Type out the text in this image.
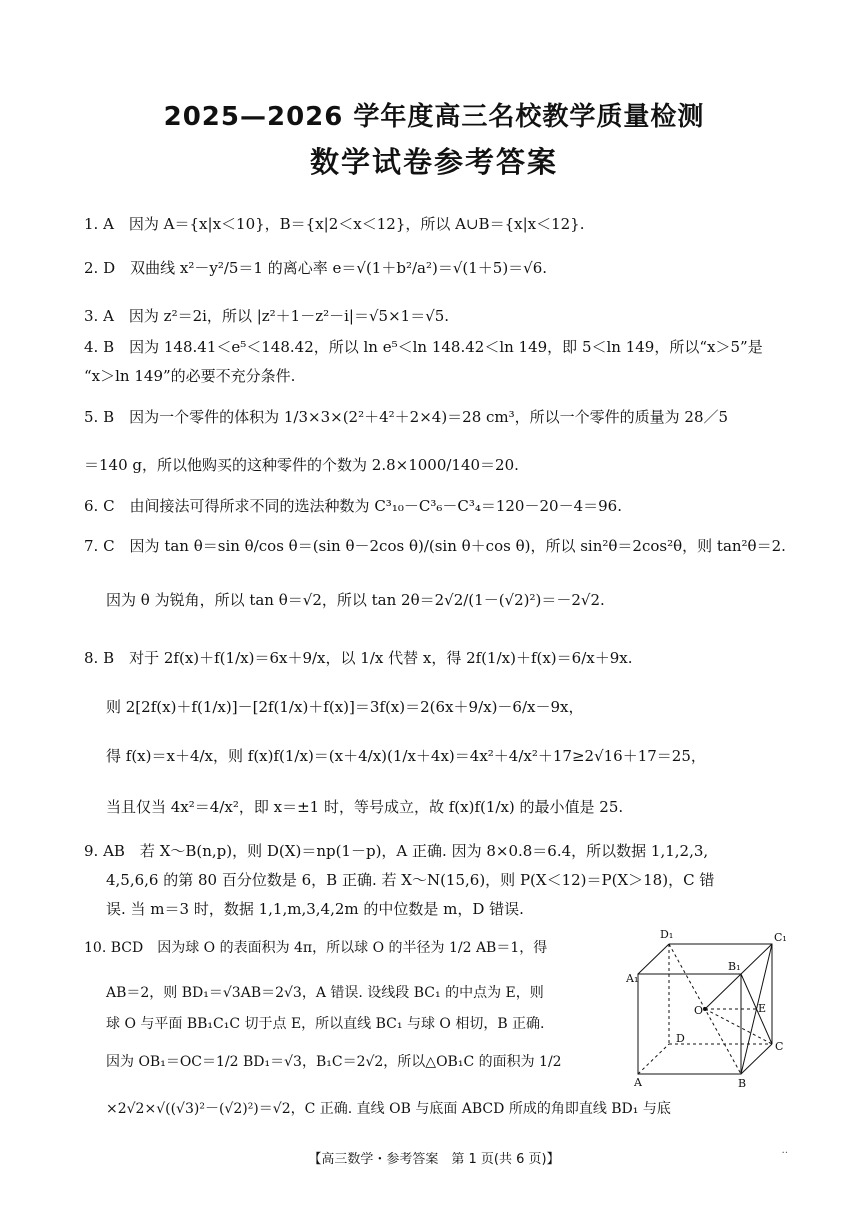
2025—2026 学年度高三名校教学质量检测
数学试卷参考答案
1. A　因为 A＝{x|x＜10}，B＝{x|2＜x＜12}，所以 A∪B＝{x|x＜12}.
2. D　双曲线 x²－y²/5＝1 的离心率 e＝√(1＋b²/a²)＝√(1＋5)＝√6.
3. A　因为 z²＝2i，所以 |z²＋1－z²－i|＝√5×1＝√5.
4. B　因为 148.41＜e⁵＜148.42，所以 ln e⁵＜ln 148.42＜ln 149，即 5＜ln 149，所以“x＞5”是
“x＞ln 149”的必要不充分条件.
5. B　因为一个零件的体积为 1/3×3×(2²＋4²＋2×4)＝28 cm³，所以一个零件的质量为 28／5
＝140 g，所以他购买的这种零件的个数为 2.8×1000/140＝20.
6. C　由间接法可得所求不同的选法种数为 C³₁₀－C³₆－C³₄＝120－20－4＝96.
7. C　因为 tan θ＝sin θ/cos θ＝(sin θ－2cos θ)/(sin θ＋cos θ)，所以 sin²θ＝2cos²θ，则 tan²θ＝2.
因为 θ 为锐角，所以 tan θ＝√2，所以 tan 2θ＝2√2/(1－(√2)²)＝－2√2.
8. B　对于 2f(x)＋f(1/x)＝6x＋9/x，以 1/x 代替 x，得 2f(1/x)＋f(x)＝6/x＋9x.
则 2[2f(x)＋f(1/x)]－[2f(1/x)＋f(x)]＝3f(x)＝2(6x＋9/x)－6/x－9x，
得 f(x)＝x＋4/x，则 f(x)f(1/x)＝(x＋4/x)(1/x＋4x)＝4x²＋4/x²＋17≥2√16＋17＝25，
当且仅当 4x²＝4/x²，即 x＝±1 时，等号成立，故 f(x)f(1/x) 的最小值是 25.
9. AB　若 X～B(n,p)，则 D(X)＝np(1－p)，A 正确. 因为 8×0.8＝6.4，所以数据 1,1,2,3,
4,5,6,6 的第 80 百分位数是 6，B 正确. 若 X～N(15,6)，则 P(X＜12)＝P(X＞18)，C 错
误. 当 m＝3 时，数据 1,1,m,3,4,2m 的中位数是 m，D 错误.
10. BCD　因为球 O 的表面积为 4π，所以球 O 的半径为 1/2 AB＝1，得
AB＝2，则 BD₁＝√3AB＝2√3，A 错误. 设线段 BC₁ 的中点为 E，则
球 O 与平面 BB₁C₁C 切于点 E，所以直线 BC₁ 与球 O 相切，B 正确.
因为 OB₁＝OC＝1/2 BD₁＝√3，B₁C＝2√2，所以△OB₁C 的面积为 1/2
×2√2×√((√3)²－(√2)²)＝√2，C 正确. 直线 OB 与底面 ABCD 所成的角即直线 BD₁ 与底
D₁	C₁
A₁
B₁
O	E
D
C
A	B
【高三数学・参考答案　第 1 页(共 6 页)】	··
